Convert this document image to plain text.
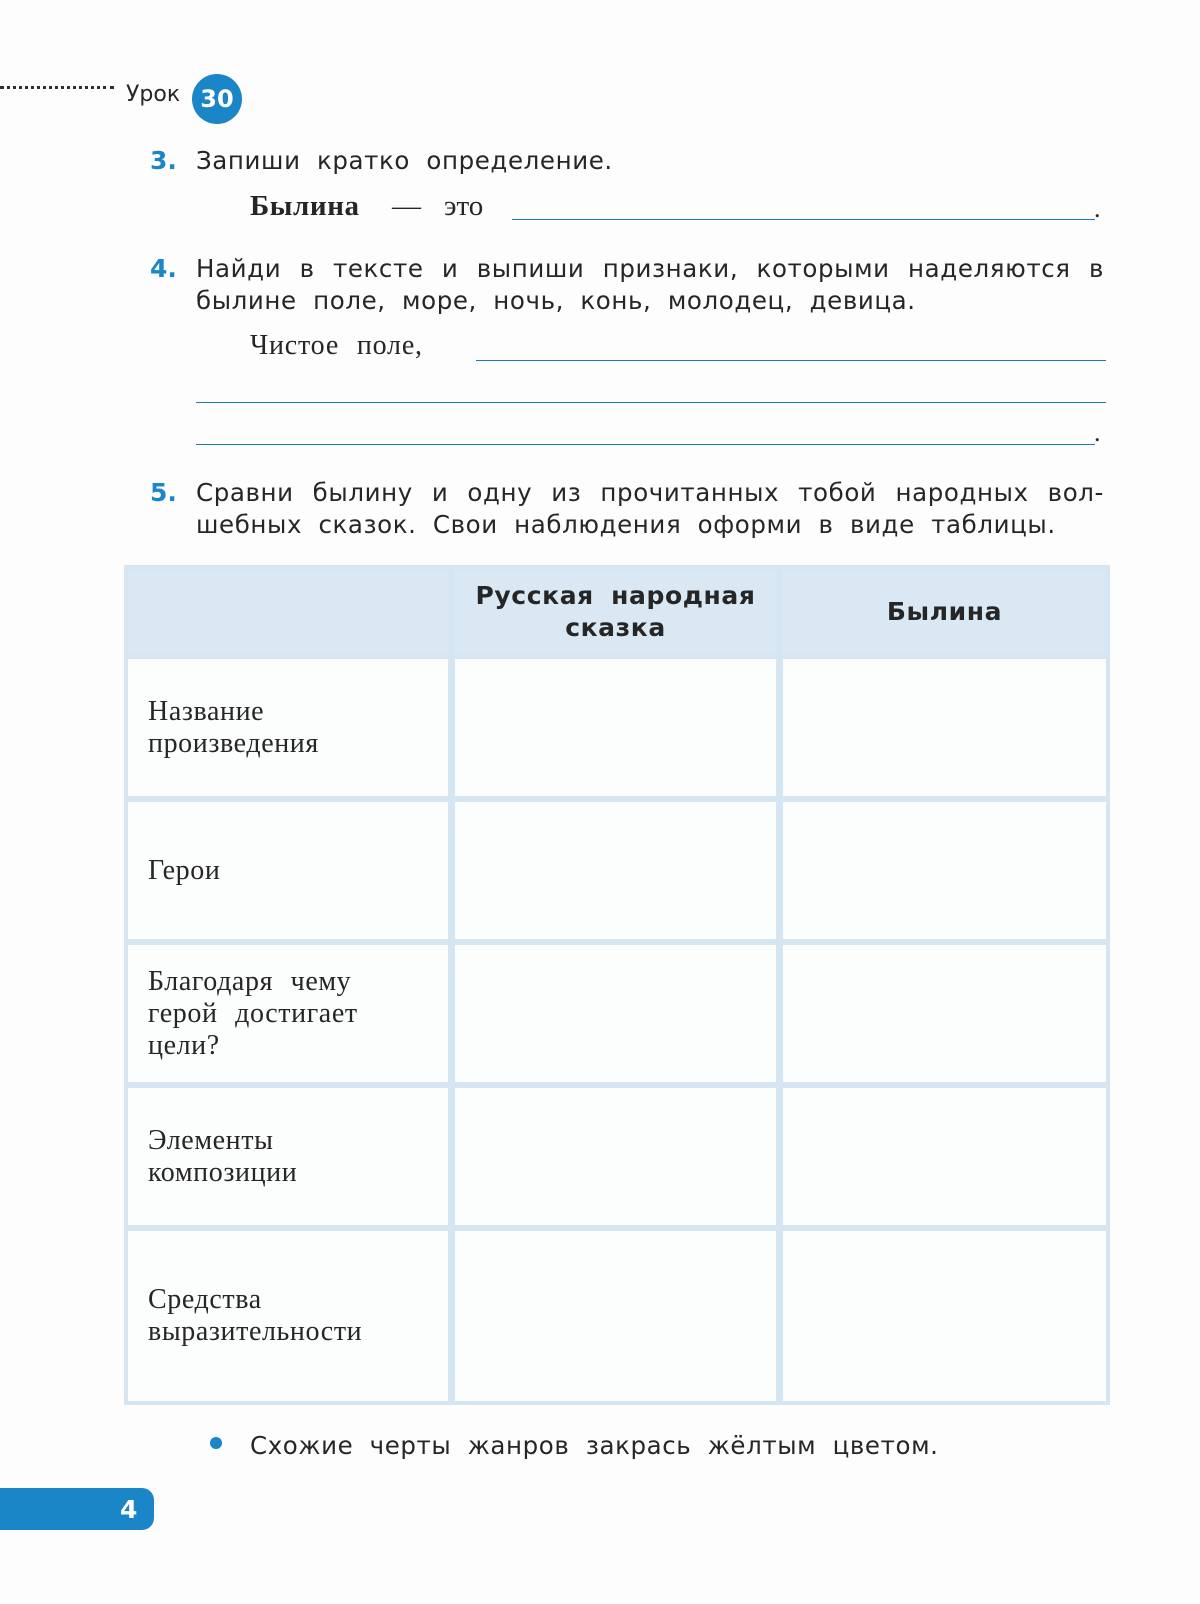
Урок 30
3. Запиши кратко определение.
Былина — это	.
4. Найди в тексте и выпиши признаки, которыми наделяются в
былине поле, море, ночь, конь, молодец, девица.
Чистое поле,
.
5. Сравни былину и одну из прочитанных тобой народных вол-
шебных сказок. Свои наблюдения оформи в виде таблицы.
Русская народная сказка
Былина
Название произведения
Герои
Благодаря чему герой достигает цели?
Элементы композиции
Средства выразительности
Схожие черты жанров закрась жёлтым цветом.
4
